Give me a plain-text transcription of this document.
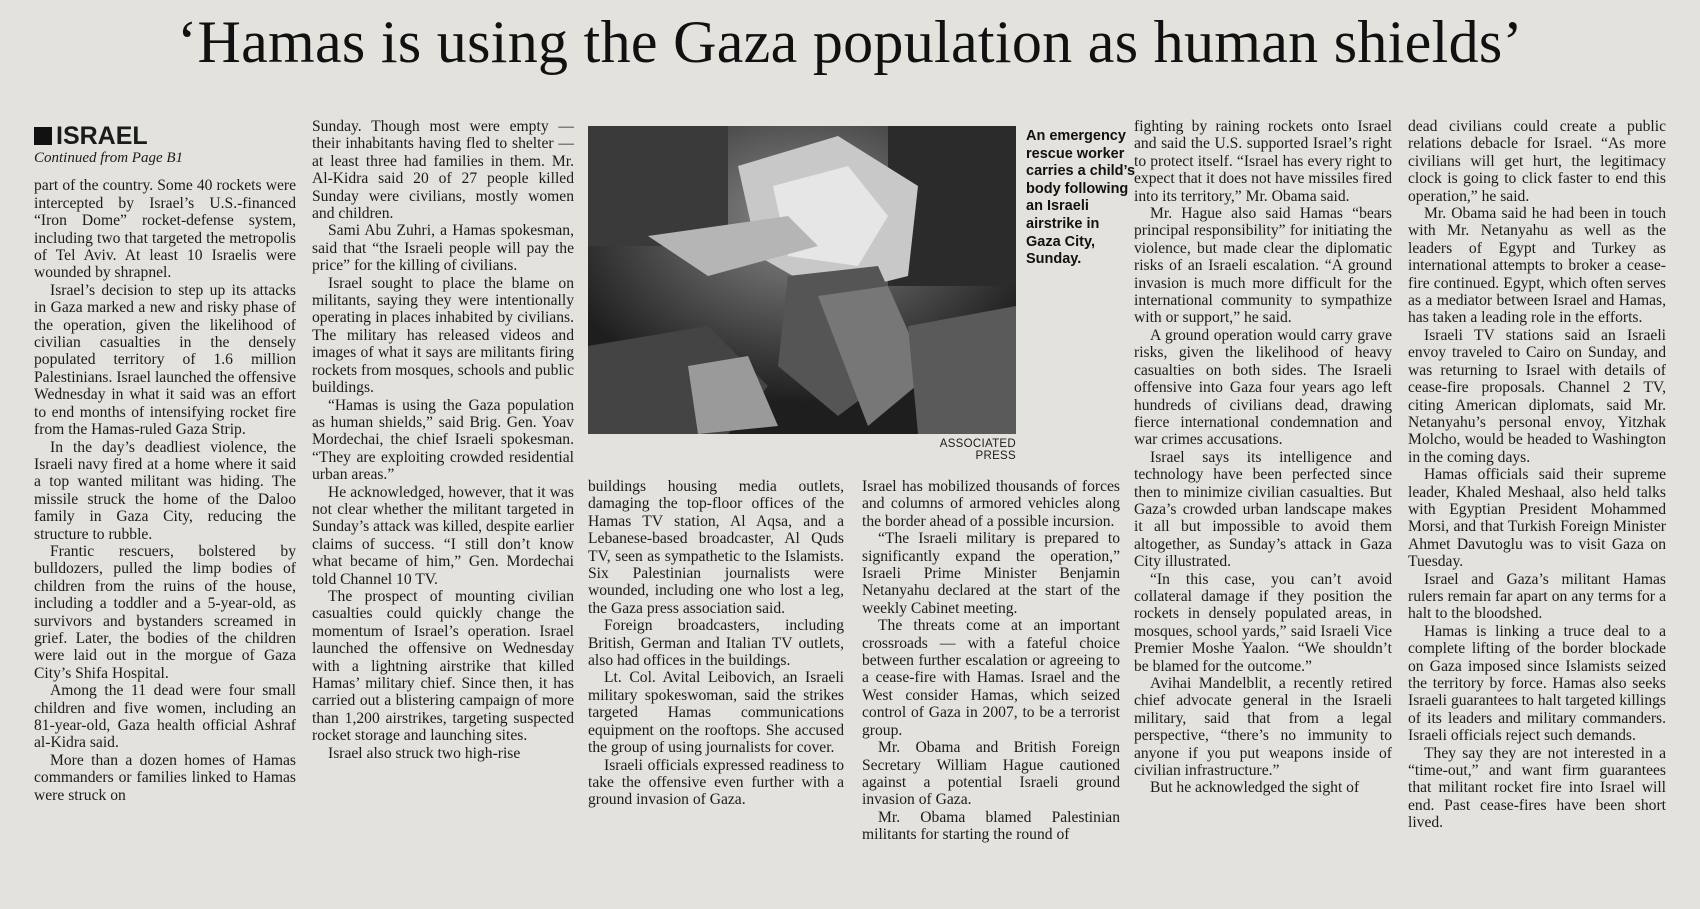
‘Hamas is using the Gaza population as human shields’
ISRAEL
Continued from Page B1

part of the country. Some 40 rockets were intercepted by Israel’s U.S.-financed “Iron Dome” rocket-defense system, including two that targeted the metropolis of Tel Aviv. At least 10 Israelis were wounded by shrapnel.

Israel’s decision to step up its attacks in Gaza marked a new and risky phase of the operation, given the likelihood of civilian casualties in the densely populated territory of 1.6 million Palestinians. Israel launched the offensive Wednesday in what it said was an effort to end months of intensifying rocket fire from the Hamas-ruled Gaza Strip.

In the day’s deadliest violence, the Israeli navy fired at a home where it said a top wanted militant was hiding. The missile struck the home of the Daloo family in Gaza City, reducing the structure to rubble.

Frantic rescuers, bolstered by bulldozers, pulled the limp bodies of children from the ruins of the house, including a toddler and a 5-year-old, as survivors and bystanders screamed in grief. Later, the bodies of the children were laid out in the morgue of Gaza City’s Shifa Hospital.

Among the 11 dead were four small children and five women, including an 81-year-old, Gaza health official Ashraf al-Kidra said.

More than a dozen homes of Hamas commanders or families linked to Hamas were struck on

Sunday. Though most were empty — their inhabitants having fled to shelter — at least three had families in them. Mr. Al-Kidra said 20 of 27 people killed Sunday were civilians, mostly women and children.

Sami Abu Zuhri, a Hamas spokesman, said that “the Israeli people will pay the price” for the killing of civilians.

Israel sought to place the blame on militants, saying they were intentionally operating in places inhabited by civilians. The military has released videos and images of what it says are militants firing rockets from mosques, schools and public buildings.

“Hamas is using the Gaza population as human shields,” said Brig. Gen. Yoav Mordechai, the chief Israeli spokesman. “They are exploiting crowded residential urban areas.”

He acknowledged, however, that it was not clear whether the militant targeted in Sunday’s attack was killed, despite earlier claims of success. “I still don’t know what became of him,” Gen. Mordechai told Channel 10 TV.

The prospect of mounting civilian casualties could quickly change the momentum of Israel’s operation. Israel launched the offensive on Wednesday with a lightning airstrike that killed Hamas’ military chief. Since then, it has carried out a blistering campaign of more than 1,200 airstrikes, targeting suspected rocket storage and launching sites.

Israel also struck two high-rise

ASSOCIATED PRESS
An emergency rescue worker carries a child’s body following an Israeli airstrike in Gaza City, Sunday.

buildings housing media outlets, damaging the top-floor offices of the Hamas TV station, Al Aqsa, and a Lebanese-based broadcaster, Al Quds TV, seen as sympathetic to the Islamists. Six Palestinian journalists were wounded, including one who lost a leg, the Gaza press association said.

Foreign broadcasters, including British, German and Italian TV outlets, also had offices in the buildings.

Lt. Col. Avital Leibovich, an Israeli military spokeswoman, said the strikes targeted Hamas communications equipment on the rooftops. She accused the group of using journalists for cover.

Israeli officials expressed readiness to take the offensive even further with a ground invasion of Gaza.

Israel has mobilized thousands of forces and columns of armored vehicles along the border ahead of a possible incursion.

“The Israeli military is prepared to significantly expand the operation,” Israeli Prime Minister Benjamin Netanyahu declared at the start of the weekly Cabinet meeting.

The threats come at an important crossroads — with a fateful choice between further escalation or agreeing to a cease-fire with Hamas. Israel and the West consider Hamas, which seized control of Gaza in 2007, to be a terrorist group.

Mr. Obama and British Foreign Secretary William Hague cautioned against a potential Israeli ground invasion of Gaza.

Mr. Obama blamed Palestinian militants for starting the round of

fighting by raining rockets onto Israel and said the U.S. supported Israel’s right to protect itself. “Israel has every right to expect that it does not have missiles fired into its territory,” Mr. Obama said.

Mr. Hague also said Hamas “bears principal responsibility” for initiating the violence, but made clear the diplomatic risks of an Israeli escalation. “A ground invasion is much more difficult for the international community to sympathize with or support,” he said.

A ground operation would carry grave risks, given the likelihood of heavy casualties on both sides. The Israeli offensive into Gaza four years ago left hundreds of civilians dead, drawing fierce international condemnation and war crimes accusations.

Israel says its intelligence and technology have been perfected since then to minimize civilian casualties. But Gaza’s crowded urban landscape makes it all but impossible to avoid them altogether, as Sunday’s attack in Gaza City illustrated.

“In this case, you can’t avoid collateral damage if they position the rockets in densely populated areas, in mosques, school yards,” said Israeli Vice Premier Moshe Yaalon. “We shouldn’t be blamed for the outcome.”

Avihai Mandelblit, a recently retired chief advocate general in the Israeli military, said that from a legal perspective, “there’s no immunity to anyone if you put weapons inside of civilian infrastructure.”

But he acknowledged the sight of

dead civilians could create a public relations debacle for Israel. “As more civilians will get hurt, the legitimacy clock is going to click faster to end this operation,” he said.

Mr. Obama said he had been in touch with Mr. Netanyahu as well as the leaders of Egypt and Turkey as international attempts to broker a cease-fire continued. Egypt, which often serves as a mediator between Israel and Hamas, has taken a leading role in the efforts.

Israeli TV stations said an Israeli envoy traveled to Cairo on Sunday, and was returning to Israel with details of cease-fire proposals. Channel 2 TV, citing American diplomats, said Mr. Netanyahu’s personal envoy, Yitzhak Molcho, would be headed to Washington in the coming days.

Hamas officials said their supreme leader, Khaled Meshaal, also held talks with Egyptian President Mohammed Morsi, and that Turkish Foreign Minister Ahmet Davutoglu was to visit Gaza on Tuesday.

Israel and Gaza’s militant Hamas rulers remain far apart on any terms for a halt to the bloodshed.

Hamas is linking a truce deal to a complete lifting of the border blockade on Gaza imposed since Islamists seized the territory by force. Hamas also seeks Israeli guarantees to halt targeted killings of its leaders and military commanders. Israeli officials reject such demands.

They say they are not interested in a “time-out,” and want firm guarantees that militant rocket fire into Israel will end. Past cease-fires have been short lived.
